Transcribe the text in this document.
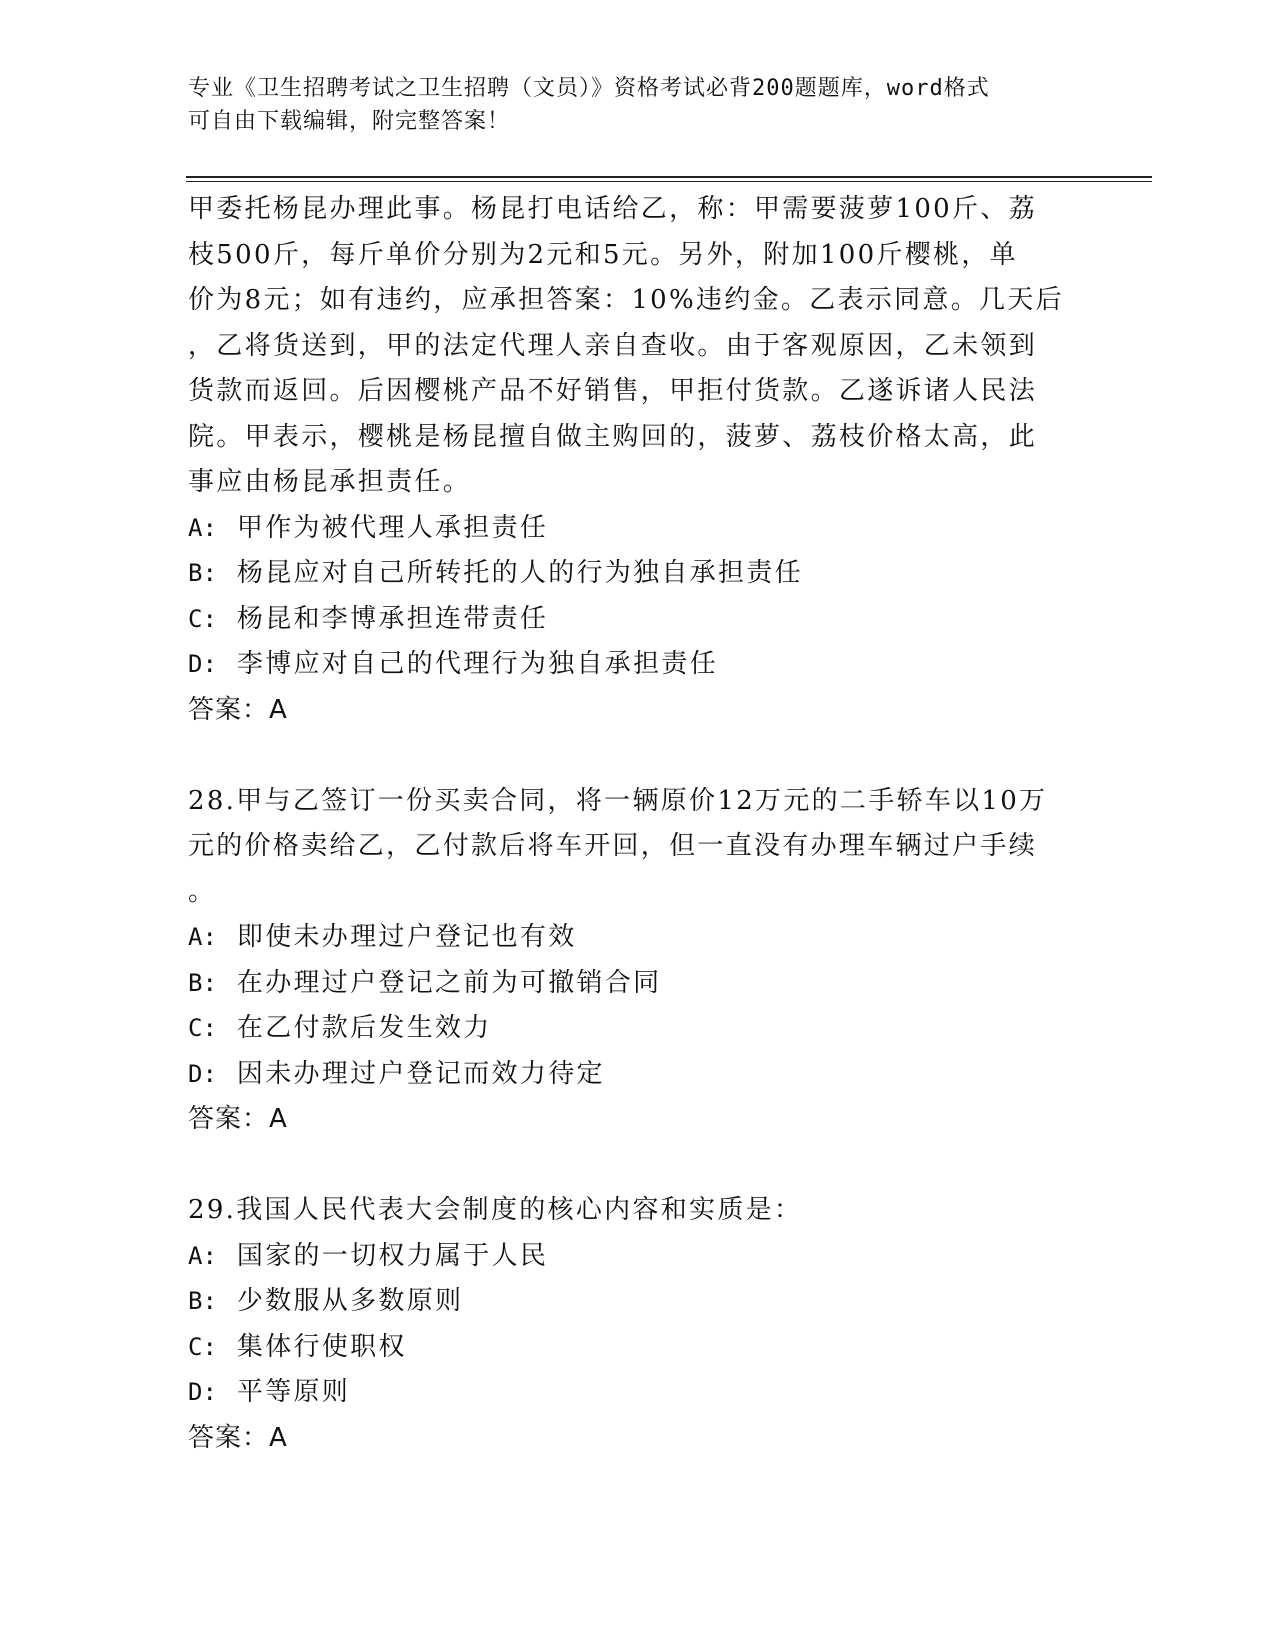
专业《卫生招聘考试之卫生招聘（文员）》资格考试必背200题题库，word格式
可自由下载编辑，附完整答案！
甲委托杨昆办理此事。杨昆打电话给乙，称：甲需要菠萝100斤、荔
枝500斤，每斤单价分别为2元和5元。另外，附加100斤樱桃，单
价为8元；如有违约，应承担答案：10%违约金。乙表示同意。几天后
，乙将货送到，甲的法定代理人亲自查收。由于客观原因，乙未领到
货款而返回。后因樱桃产品不好销售，甲拒付货款。乙遂诉诸人民法
院。甲表示，樱桃是杨昆擅自做主购回的，菠萝、荔枝价格太高，此
事应由杨昆承担责任。
A: 甲作为被代理人承担责任
B: 杨昆应对自己所转托的人的行为独自承担责任
C: 杨昆和李博承担连带责任
D: 李博应对自己的代理行为独自承担责任
答案：A
28.甲与乙签订一份买卖合同，将一辆原价12万元的二手轿车以10万
元的价格卖给乙，乙付款后将车开回，但一直没有办理车辆过户手续
。
A: 即使未办理过户登记也有效
B: 在办理过户登记之前为可撤销合同
C: 在乙付款后发生效力
D: 因未办理过户登记而效力待定
答案：A
29.我国人民代表大会制度的核心内容和实质是：
A: 国家的一切权力属于人民
B: 少数服从多数原则
C: 集体行使职权
D: 平等原则
答案：A
